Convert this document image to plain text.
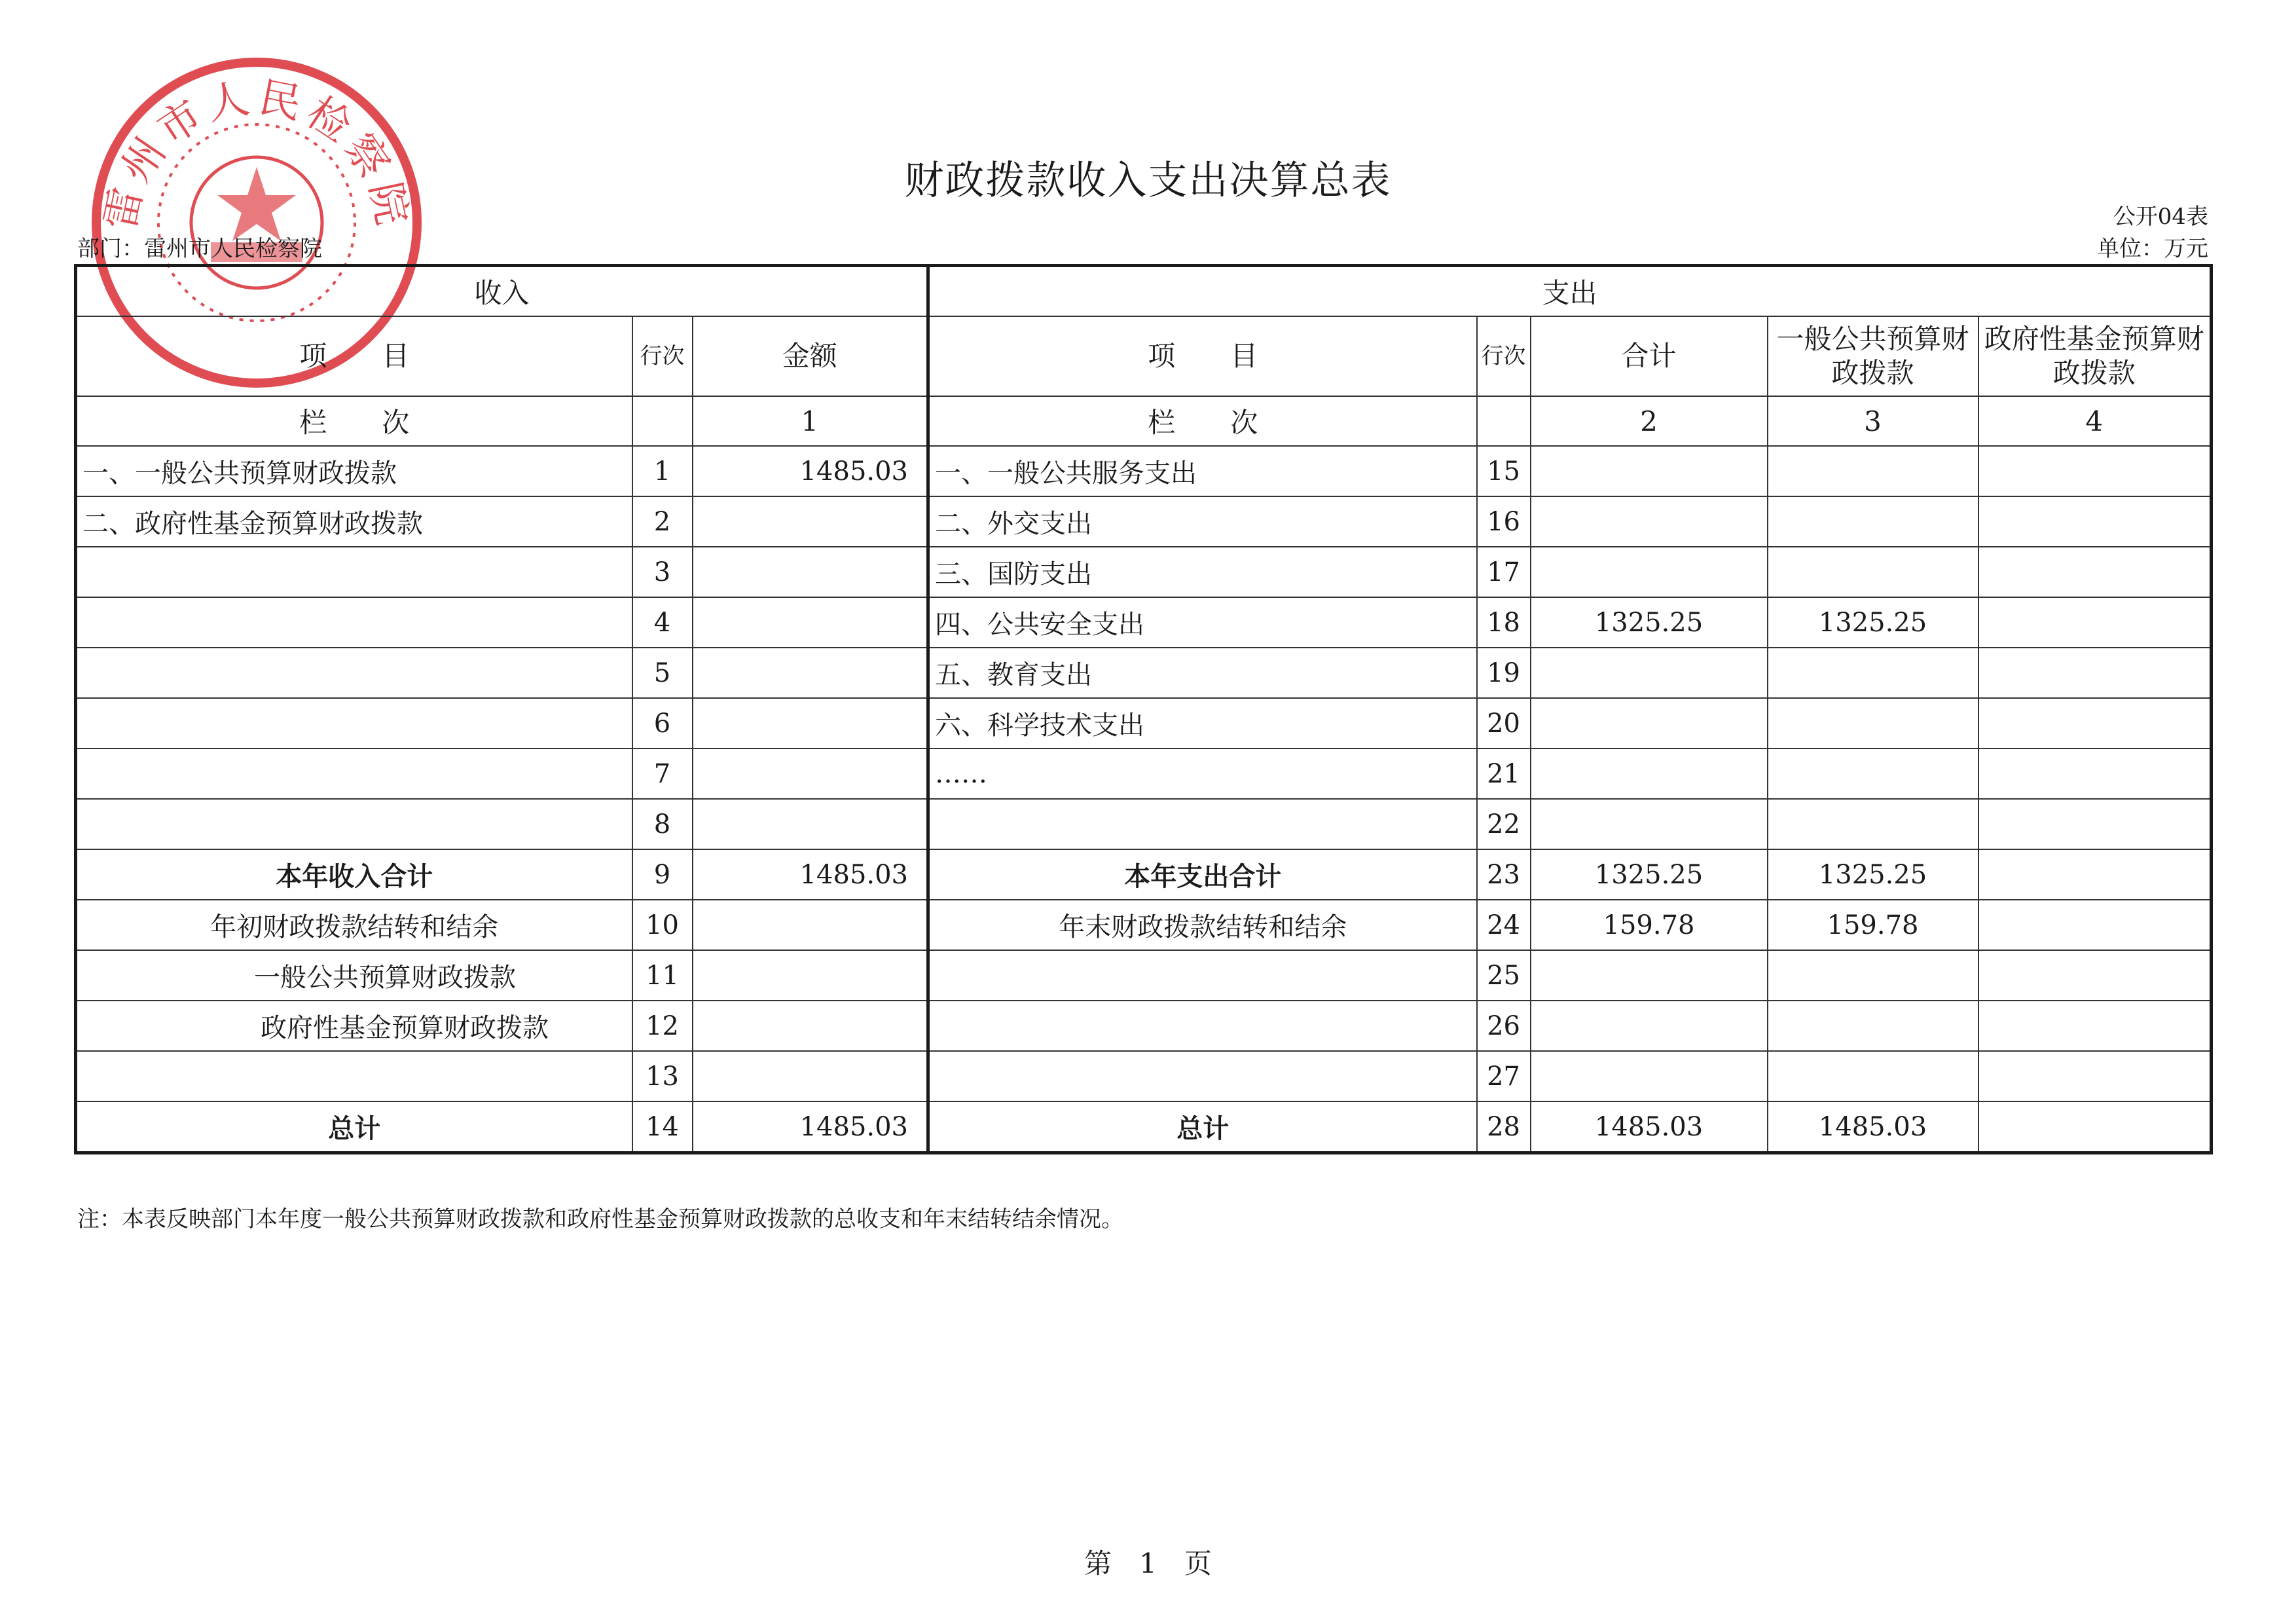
雷州市人民检察院	财政拨款收入支出决算总表
公开04表
部门：雷州市人民检察院	单位：万元
收入			支出				
项　　目	行次	金额	项　　目	行次	合计	一般公共预算财政拨款	政府性基金预算财政拨款
栏　　次		1	栏　　次		2	3	4
一、一般公共预算财政拨款	1	1485.03	一、一般公共服务支出	15			
二、政府性基金预算财政拨款	2		二、外交支出	16			
	3		三、国防支出	17			
	4		四、公共安全支出	18	1325.25	1325.25	
	5		五、教育支出	19			
	6		六、科学技术支出	20			
	7		……	21			
	8			22			
本年收入合计	9	1485.03	本年支出合计	23	1325.25	1325.25	
年初财政拨款结转和结余	10		年末财政拨款结转和结余	24	159.78	159.78	
一般公共预算财政拨款	11			25			
政府性基金预算财政拨款	12			26			
	13			27			
总计	14	1485.03	总计	28	1485.03	1485.03	
注：本表反映部门本年度一般公共预算财政拨款和政府性基金预算财政拨款的总收支和年末结转结余情况。
第　1　页
